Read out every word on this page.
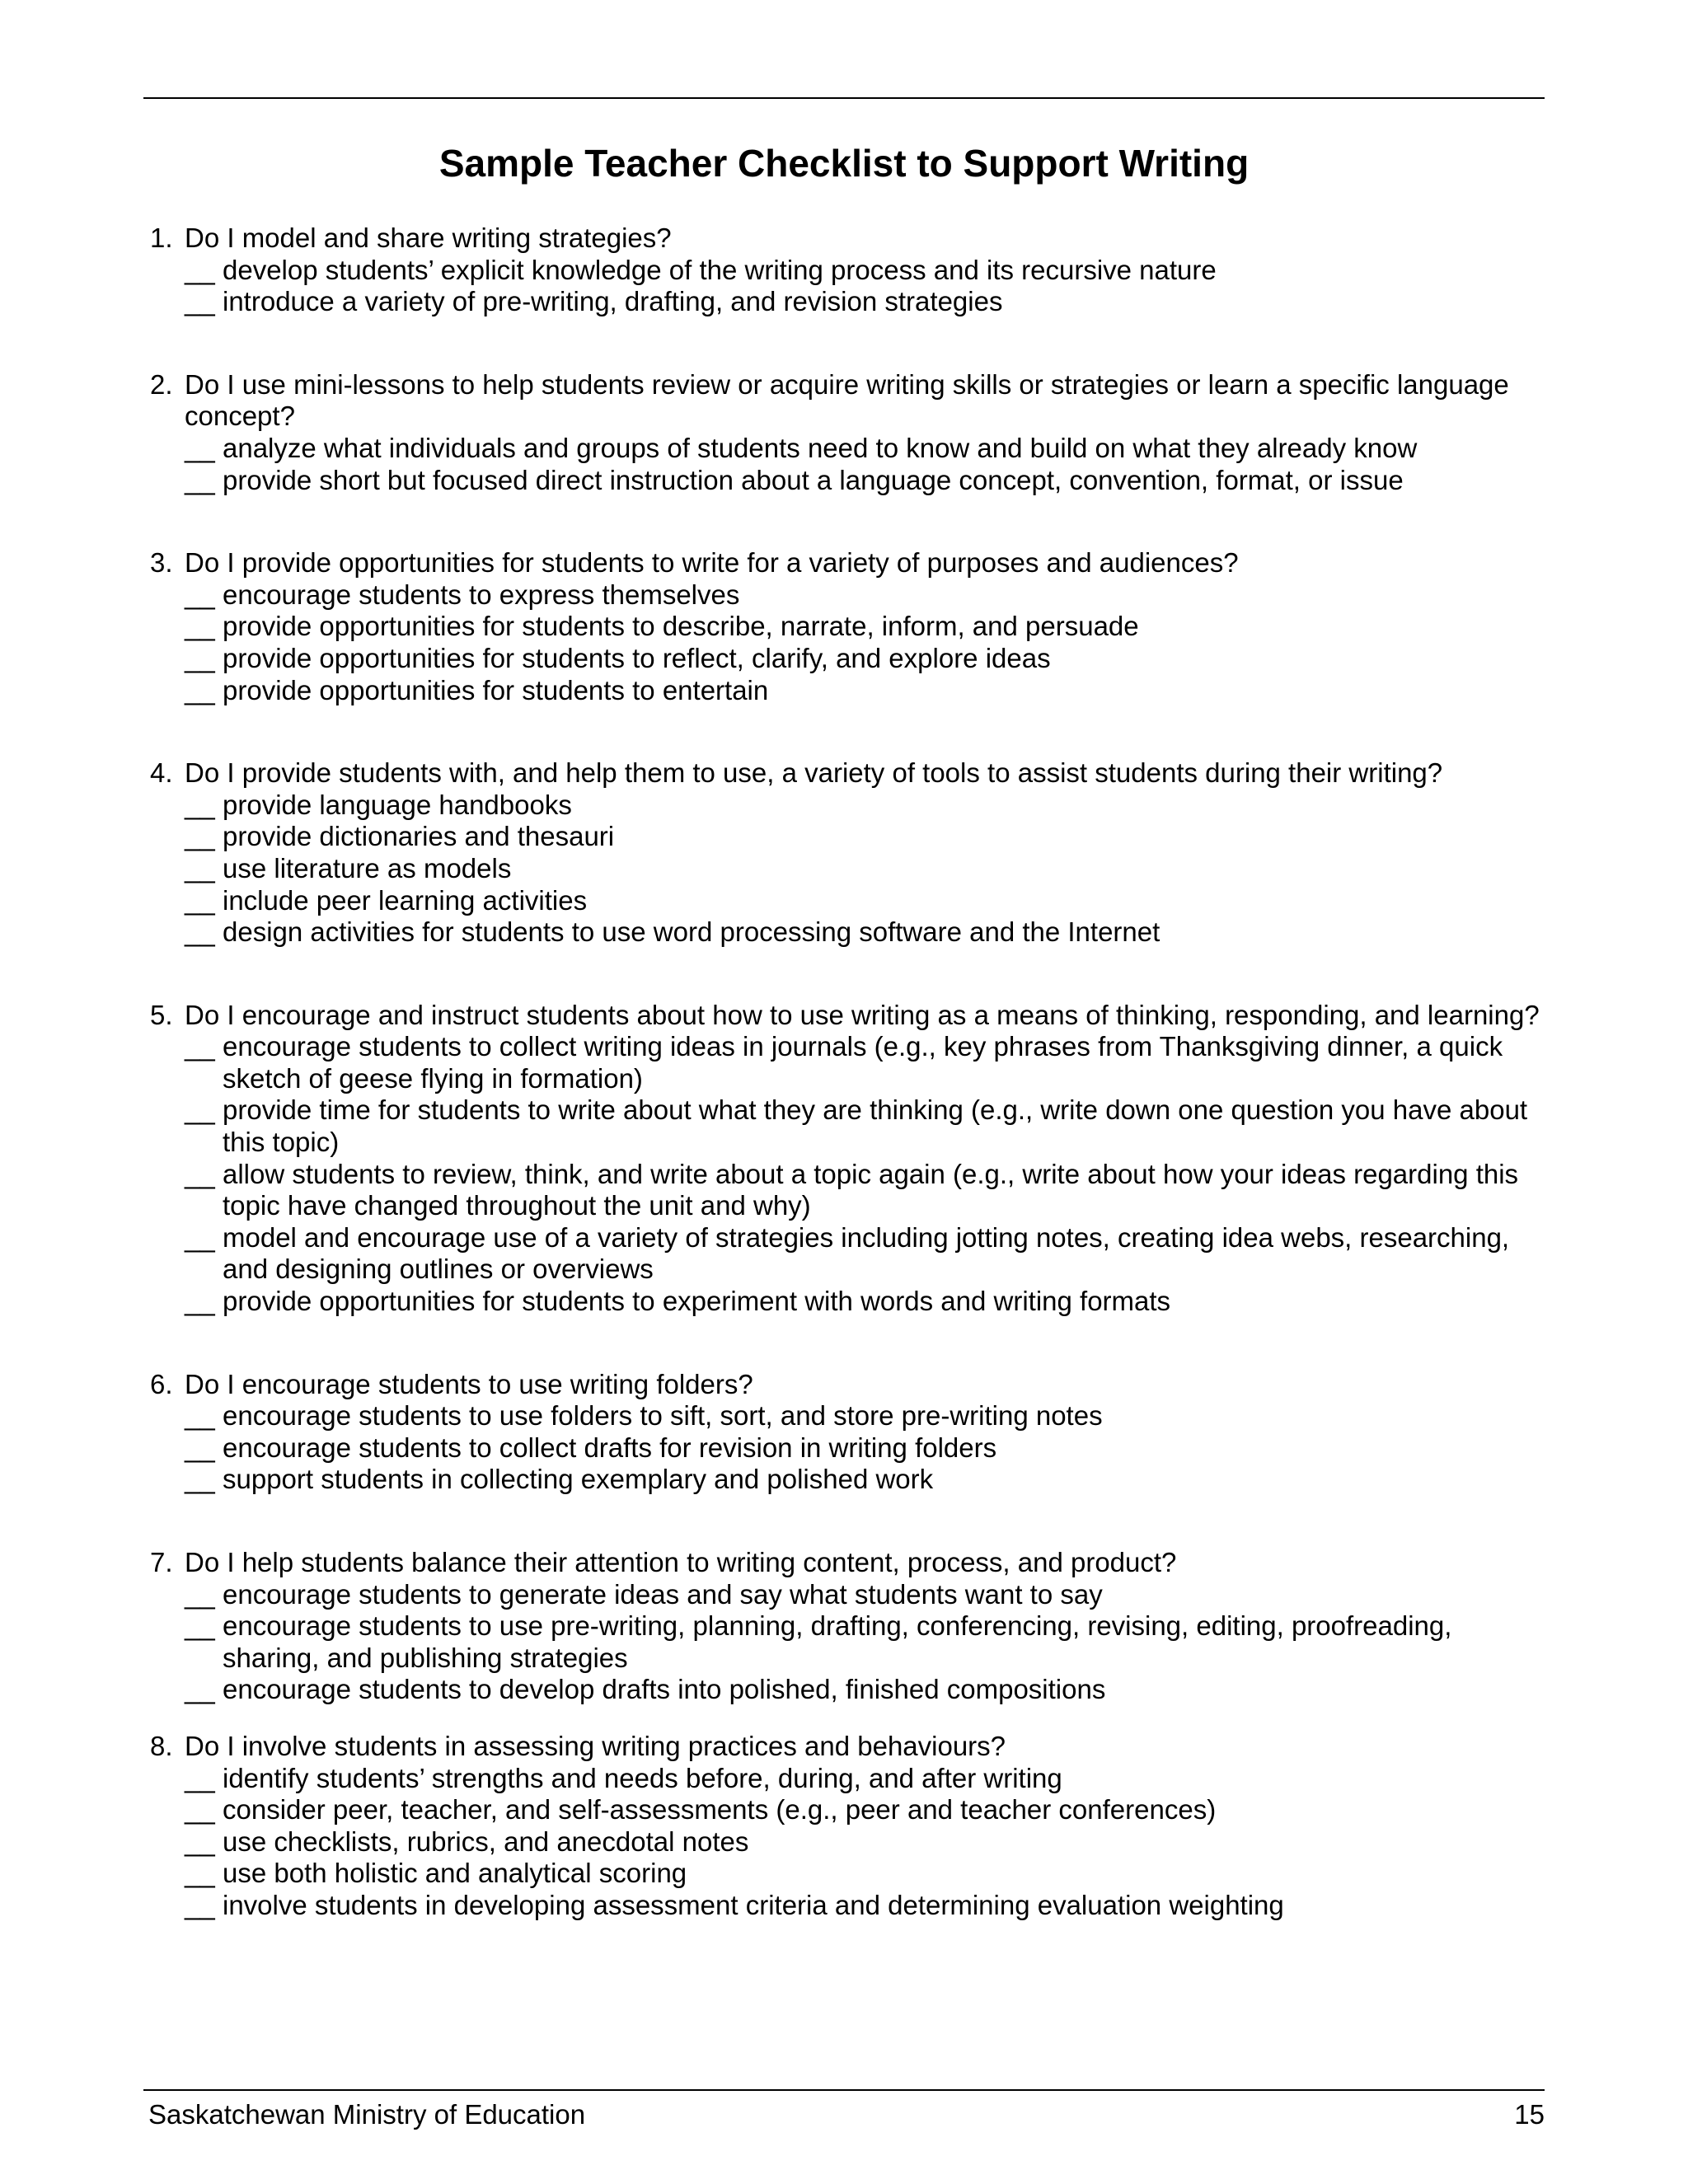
Sample Teacher Checklist to Support Writing
1. Do I model and share writing strategies?
__ develop students’ explicit knowledge of the writing process and its recursive nature
__ introduce a variety of pre-writing, drafting, and revision strategies
2. Do I use mini-lessons to help students review or acquire writing skills or strategies or learn a specific language concept?
__ analyze what individuals and groups of students need to know and build on what they already know
__ provide short but focused direct instruction about a language concept, convention, format, or issue
3. Do I provide opportunities for students to write for a variety of purposes and audiences?
__ encourage students to express themselves
__ provide opportunities for students to describe, narrate, inform, and persuade
__ provide opportunities for students to reflect, clarify, and explore ideas
__ provide opportunities for students to entertain
4. Do I provide students with, and help them to use, a variety of tools to assist students during their writing?
__ provide language handbooks
__ provide dictionaries and thesauri
__ use literature as models
__ include peer learning activities
__ design activities for students to use word processing software and the Internet
5. Do I encourage and instruct students about how to use writing as a means of thinking, responding, and learning?
__ encourage students to collect writing ideas in journals (e.g., key phrases from Thanksgiving dinner, a quick sketch of geese flying in formation)
__ provide time for students to write about what they are thinking (e.g., write down one question you have about this topic)
__ allow students to review, think, and write about a topic again (e.g., write about how your ideas regarding this topic have changed throughout the unit and why)
__ model and encourage use of a variety of strategies including jotting notes, creating idea webs, researching, and designing outlines or overviews
__ provide opportunities for students to experiment with words and writing formats
6. Do I encourage students to use writing folders?
__ encourage students to use folders to sift, sort, and store pre-writing notes
__ encourage students to collect drafts for revision in writing folders
__ support students in collecting exemplary and polished work
7. Do I help students balance their attention to writing content, process, and product?
__ encourage students to generate ideas and say what students want to say
__ encourage students to use pre-writing, planning, drafting, conferencing, revising, editing, proofreading, sharing, and publishing strategies
__ encourage students to develop drafts into polished, finished compositions
8. Do I involve students in assessing writing practices and behaviours?
__ identify students’ strengths and needs before, during, and after writing
__ consider peer, teacher, and self-assessments (e.g., peer and teacher conferences)
__ use checklists, rubrics, and anecdotal notes
__ use both holistic and analytical scoring
__ involve students in developing assessment criteria and determining evaluation weighting
Saskatchewan Ministry of Education	15
